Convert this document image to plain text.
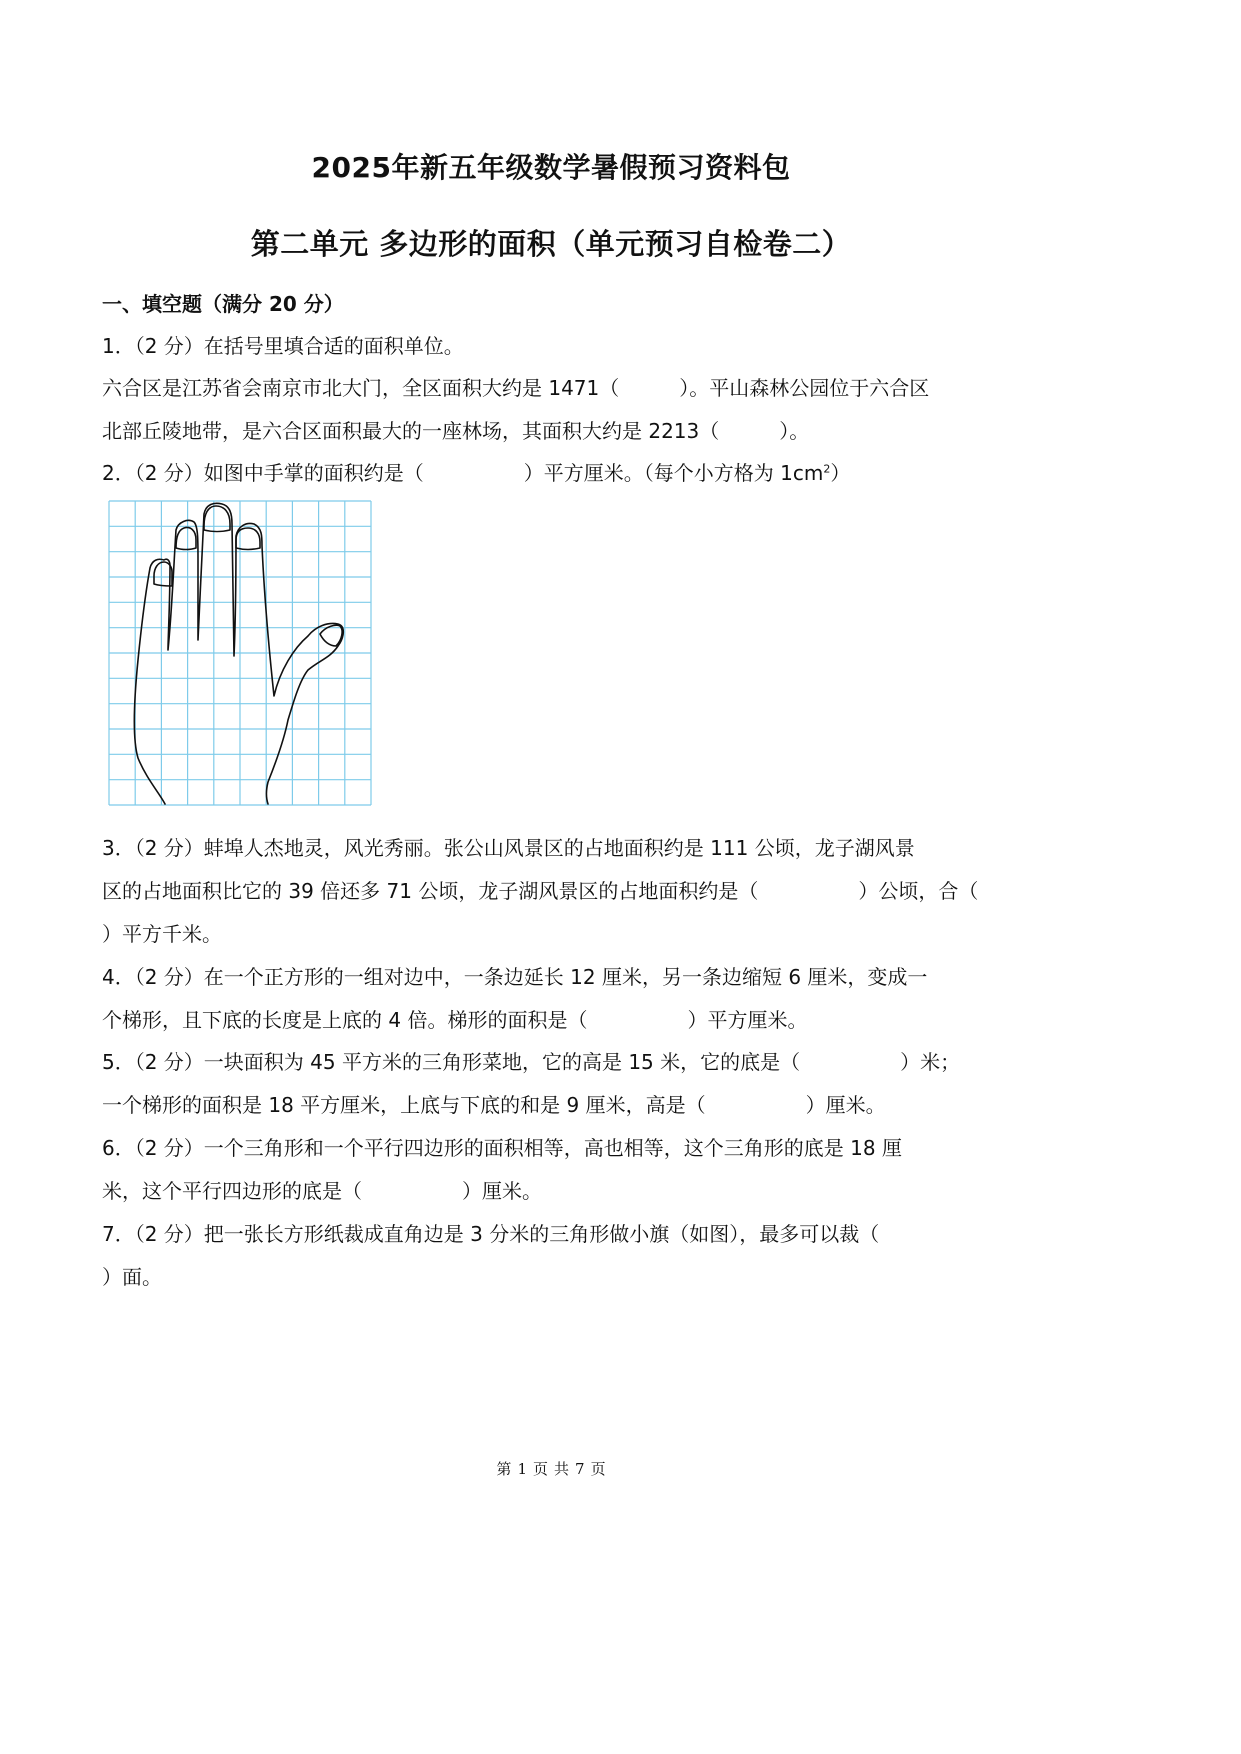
2025年新五年级数学暑假预习资料包
第二单元 多边形的面积（单元预习自检卷二）
一、填空题（满分 20 分）
1．（2 分）在括号里填合适的面积单位。
六合区是江苏省会南京市北大门，全区面积大约是 1471（　　　）。平山森林公园位于六合区
北部丘陵地带，是六合区面积最大的一座林场，其面积大约是 2213（　　　）。
2．（2 分）如图中手掌的面积约是（　　　　　）平方厘米。（每个小方格为 $1cm^2$）
3．（2 分）蚌埠人杰地灵，风光秀丽。张公山风景区的占地面积约是 111 公顷，龙子湖风景
区的占地面积比它的 39 倍还多 71 公顷，龙子湖风景区的占地面积约是（　　　　　）公顷，合（
）平方千米。
4．（2 分）在一个正方形的一组对边中，一条边延长 12 厘米，另一条边缩短 6 厘米，变成一
个梯形，且下底的长度是上底的 4 倍。梯形的面积是（　　　　　）平方厘米。
5．（2 分）一块面积为 45 平方米的三角形菜地，它的高是 15 米，它的底是（　　　　　）米；
一个梯形的面积是 18 平方厘米，上底与下底的和是 9 厘米，高是（　　　　　）厘米。
6．（2 分）一个三角形和一个平行四边形的面积相等，高也相等，这个三角形的底是 18 厘
米，这个平行四边形的底是（　　　　　）厘米。
7．（2 分）把一张长方形纸裁成直角边是 3 分米的三角形做小旗（如图），最多可以裁（
）面。
第 1 页 共 7 页
